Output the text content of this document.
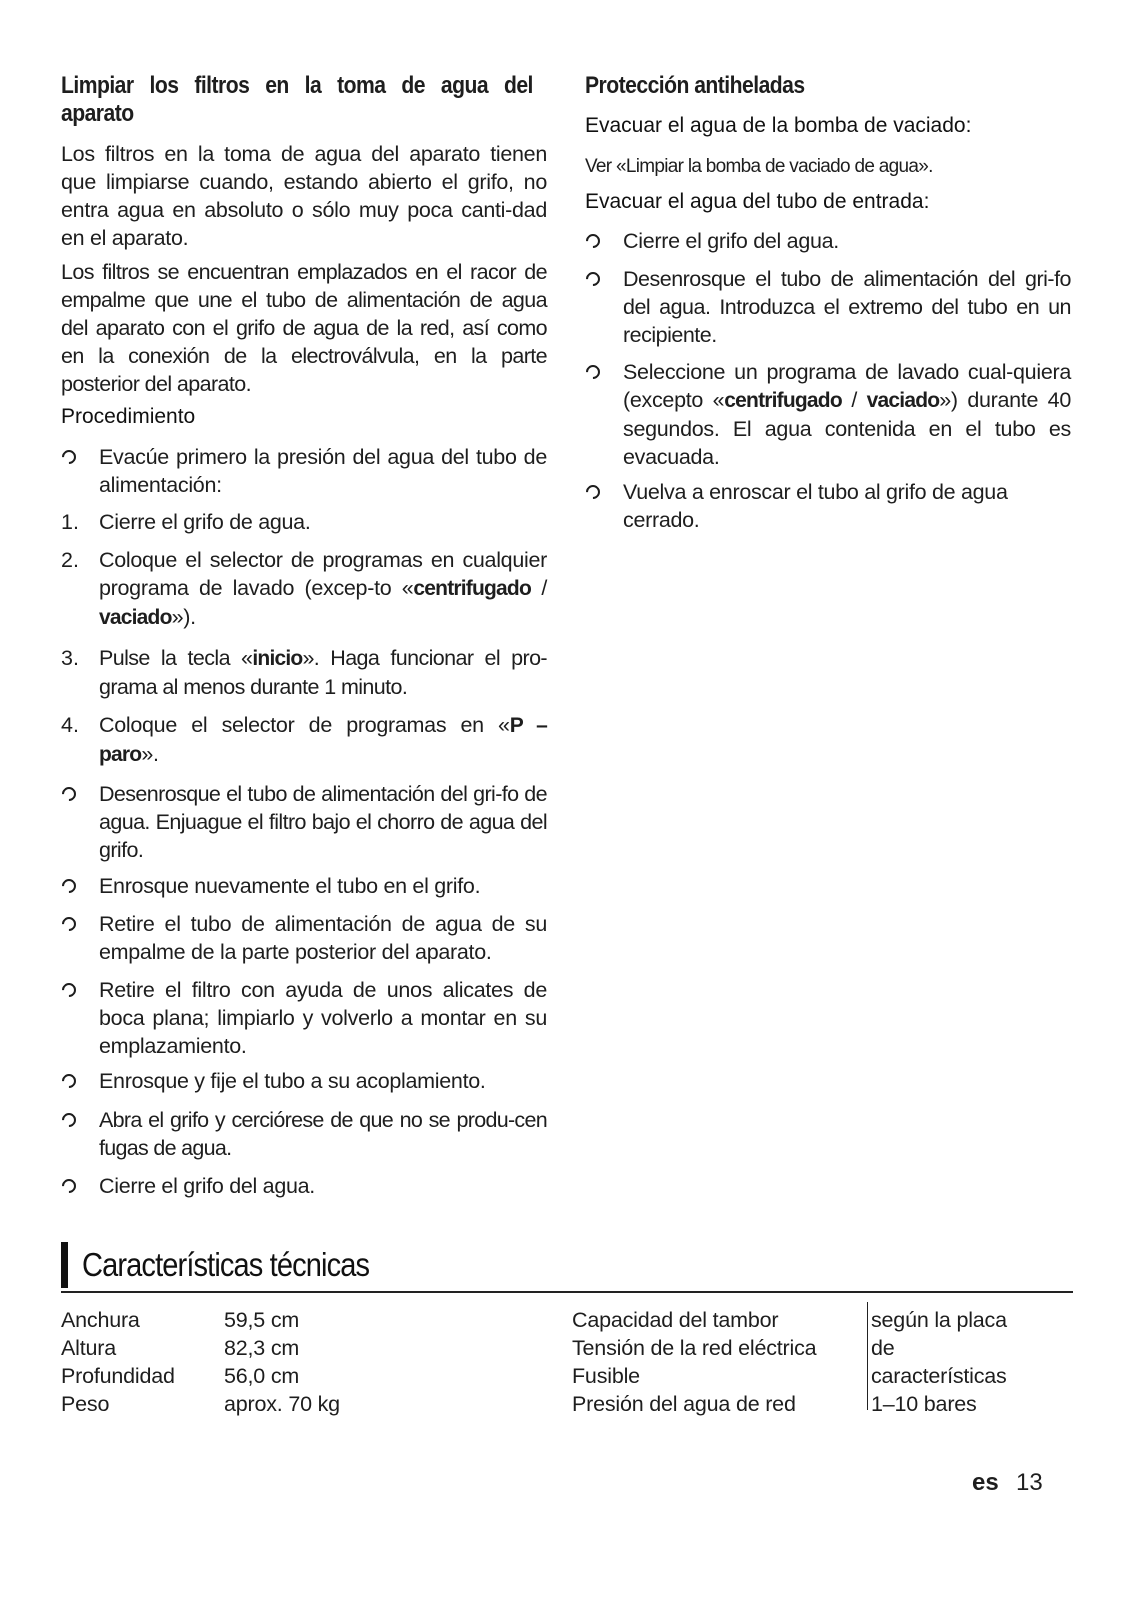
Limpiar los filtros en la toma de agua del
aparato
Los filtros en la toma de agua del aparato tienen que limpiarse cuando, estando abierto el grifo, no entra agua en absoluto o sólo muy poca canti-dad en el aparato.
Los filtros se encuentran emplazados en el racor de empalme que une el tubo de alimentación de agua del aparato con el grifo de agua de la red, así como en la conexión de la electroválvula, en la parte posterior del aparato.
Procedimiento
Evacúe primero la presión del agua del tubo de alimentación:
1. Cierre el grifo de agua.
2. Coloque el selector de programas en cualquier programa de lavado (excep-to «centrifugado / vaciado»).
3. Pulse la tecla «inicio». Haga funcionar el pro-grama al menos durante 1 minuto.
4. Coloque el selector de programas en «P – paro».
Desenrosque el tubo de alimentación del gri-fo de agua. Enjuague el filtro bajo el chorro de agua del grifo.
Enrosque nuevamente el tubo en el grifo.
Retire el tubo de alimentación de agua de su empalme de la parte posterior del aparato.
Retire el filtro con ayuda de unos alicates de boca plana; limpiarlo y volverlo a montar en su emplazamiento.
Enrosque y fije el tubo a su acoplamiento.
Abra el grifo y cerciórese de que no se produ-cen fugas de agua.
Cierre el grifo del agua.
Protección antiheladas
Evacuar el agua de la bomba de vaciado:
Ver «Limpiar la bomba de vaciado de agua».
Evacuar el agua del tubo de entrada:
Cierre el grifo del agua.
Desenrosque el tubo de alimentación del gri-fo del agua. Introduzca el extremo del tubo en un recipiente.
Seleccione un programa de lavado cual-quiera (excepto «centrifugado / vaciado») durante 40 segundos. El agua contenida en el tubo es evacuada.
Vuelva a enroscar el tubo al grifo de agua cerrado.
Características técnicas
Anchura
Altura
Profundidad
Peso
59,5 cm
82,3 cm
56,0 cm
aprox. 70 kg
Capacidad del tambor
Tensión de la red eléctrica
Fusible
Presión del agua de red
según la placa
de
características
1–10 bares
es 13
